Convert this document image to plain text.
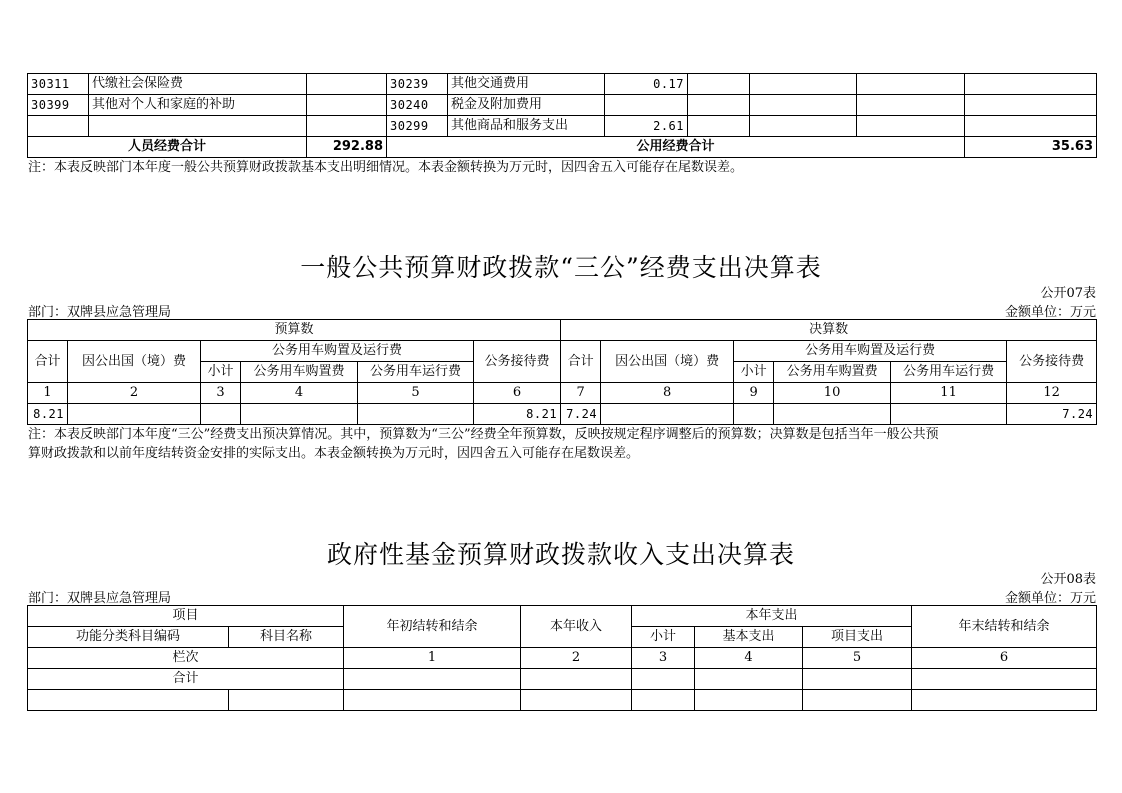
30311	代缴社会保险费		30239	其他交通费用	0.17				
30399	其他对个人和家庭的补助		30240	税金及附加费用					
			30299	其他商品和服务支出	2.61				
人员经费合计		292.88	公用经费合计						35.63
注：本表反映部门本年度一般公共预算财政拨款基本支出明细情况。本表金额转换为万元时，因四舍五入可能存在尾数误差。
一般公共预算财政拨款“三公”经费支出决算表
公开07表
部门：双牌县应急管理局	金额单位：万元
预算数						决算数					
合计	因公出国（境）费	公务用车购置及运行费			公务接待费	合计	因公出国（境）费	公务用车购置及运行费			公务接待费
		小计	公务用车购置费	公务用车运行费				小计	公务用车购置费	公务用车运行费	
1	2	3	4	5	6	7	8	9	10	11	12
8.21					8.21	7.24					7.24
注：本表反映部门本年度“三公”经费支出预决算情况。其中，预算数为“三公”经费全年预算数，反映按规定程序调整后的预算数；决算数是包括当年一般公共预
算财政拨款和以前年度结转资金安排的实际支出。本表金额转换为万元时，因四舍五入可能存在尾数误差。
政府性基金预算财政拨款收入支出决算表
公开08表
部门：双牌县应急管理局	金额单位：万元
项目		年初结转和结余	本年收入	本年支出			年末结转和结余
功能分类科目编码	科目名称			小计	基本支出	项目支出	
栏次		1	2	3	4	5	6
合计							
